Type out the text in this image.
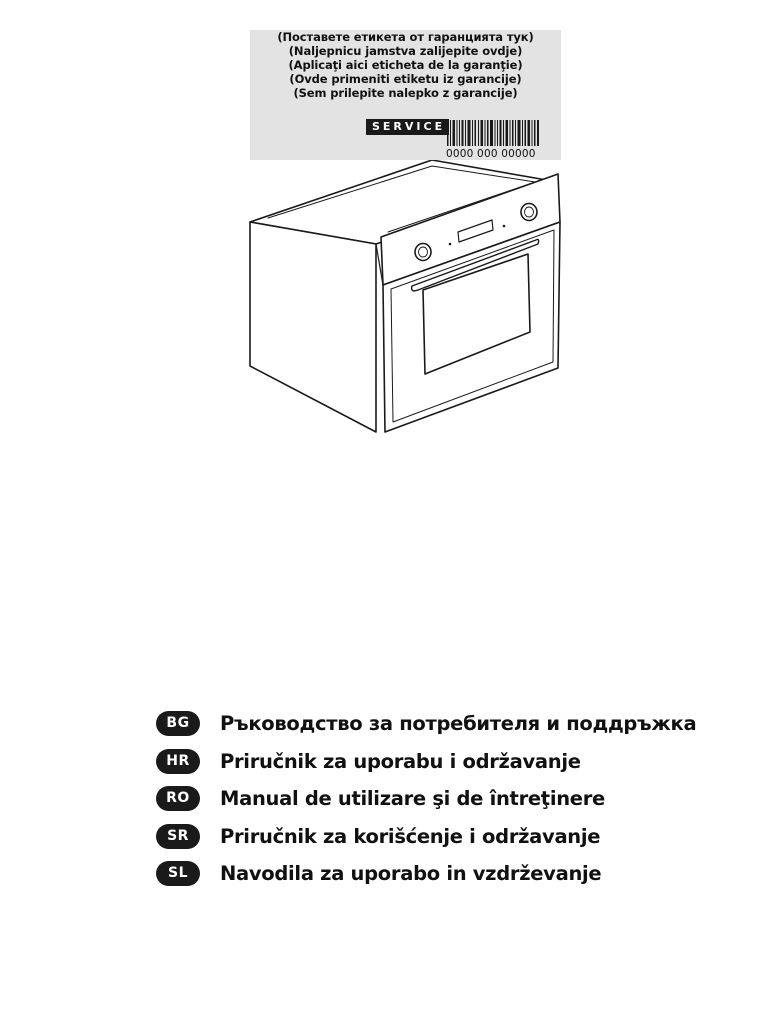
(Поставете етикета от гаранцията тук)
(Naljepnicu jamstva zalijepite ovdje)
(Aplicaţi aici eticheta de la garanţie)
(Ovde primeniti etiketu iz garancije)
(Sem prilepite nalepko z garancije)
SERVICE
0000 000 00000
BG	Ръководство за потребителя и поддръжка
HR	Priručnik za uporabu i održavanje
RO	Manual de utilizare şi de întreţinere
SR	Priručnik za korišćenje i održavanje
SL	Navodila za uporabo in vzdrževanje
